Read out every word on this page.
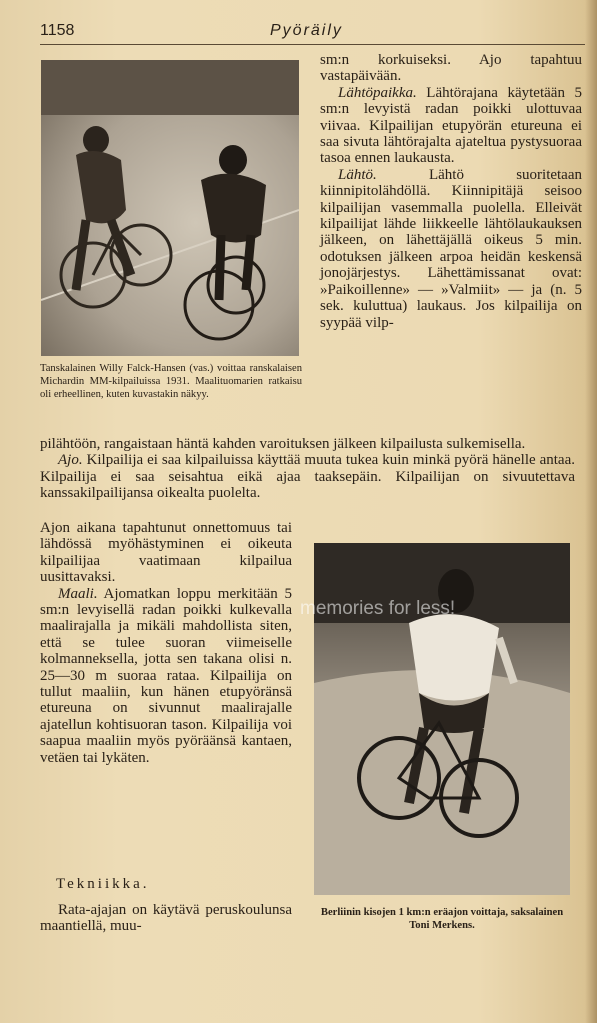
1158	Pyöräily
Tanskalainen Willy Falck-Hansen (vas.) voittaa ranskalaisen Michardin MM-kilpailuissa 1931. Maalituomarien ratkaisu oli erheellinen, kuten kuvastakin näkyy.

sm:n korkuiseksi. Ajo tapahtuu vastapäivään.

Lähtöpaikka. Lähtörajana käytetään 5 sm:n levyistä radan poikki ulottuvaa viivaa. Kilpailijan etupyörän etureuna ei saa sivuta lähtörajalta ajateltua pystysuoraa tasoa ennen laukausta.

Lähtö. Lähtö suoritetaan kiinnipitolähdöllä. Kiinnipitäjä seisoo kilpailijan vasemmalla puolella. Elleivät kilpailijat lähde liikkeelle lähtölaukauksen jälkeen, on lähettäjällä oikeus 5 min. odotuksen jälkeen arpoa heidän keskensä jonojärjestys. Lähettämissanat ovat: »Paikoillenne» — »Valmiit» — ja (n. 5 sek. kuluttua) laukaus. Jos kilpailija on syypää vilp-

pilähtöön, rangaistaan häntä kahden varoituksen jälkeen kilpailusta sulkemisella.

Ajo. Kilpailija ei saa kilpailuissa käyttää muuta tukea kuin minkä pyörä hänelle antaa. Kilpailija ei saa seisahtua eikä ajaa taaksepäin. Kilpailijan on sivuutettava kanssakilpailijansa oikealta puolelta.

Ajon aikana tapahtunut onnettomuus tai lähdössä myöhästyminen ei oikeuta kilpailijaa vaatimaan kilpailua uusittavaksi.

Maali. Ajomatkan loppu merkitään 5 sm:n levyisellä radan poikki kulkevalla maalirajalla ja mikäli mahdollista siten, että se tulee suoran viimeiselle kolmanneksella, jotta sen takana olisi n. 25—30 m suoraa rataa. Kilpailija on tullut maaliin, kun hänen etupyöränsä etureuna on sivunnut maalirajalle ajatellun kohtisuoran tason. Kilpailija voi saapua maaliin myös pyöräänsä kantaen, vetäen tai lykäten.

Tekniikka.

Rata-ajajan on käytävä peruskoulunsa maantiellä, muu-

Berliinin kisojen 1 km:n eräajon voittaja, saksalainen Toni Merkens.
memories for less!
